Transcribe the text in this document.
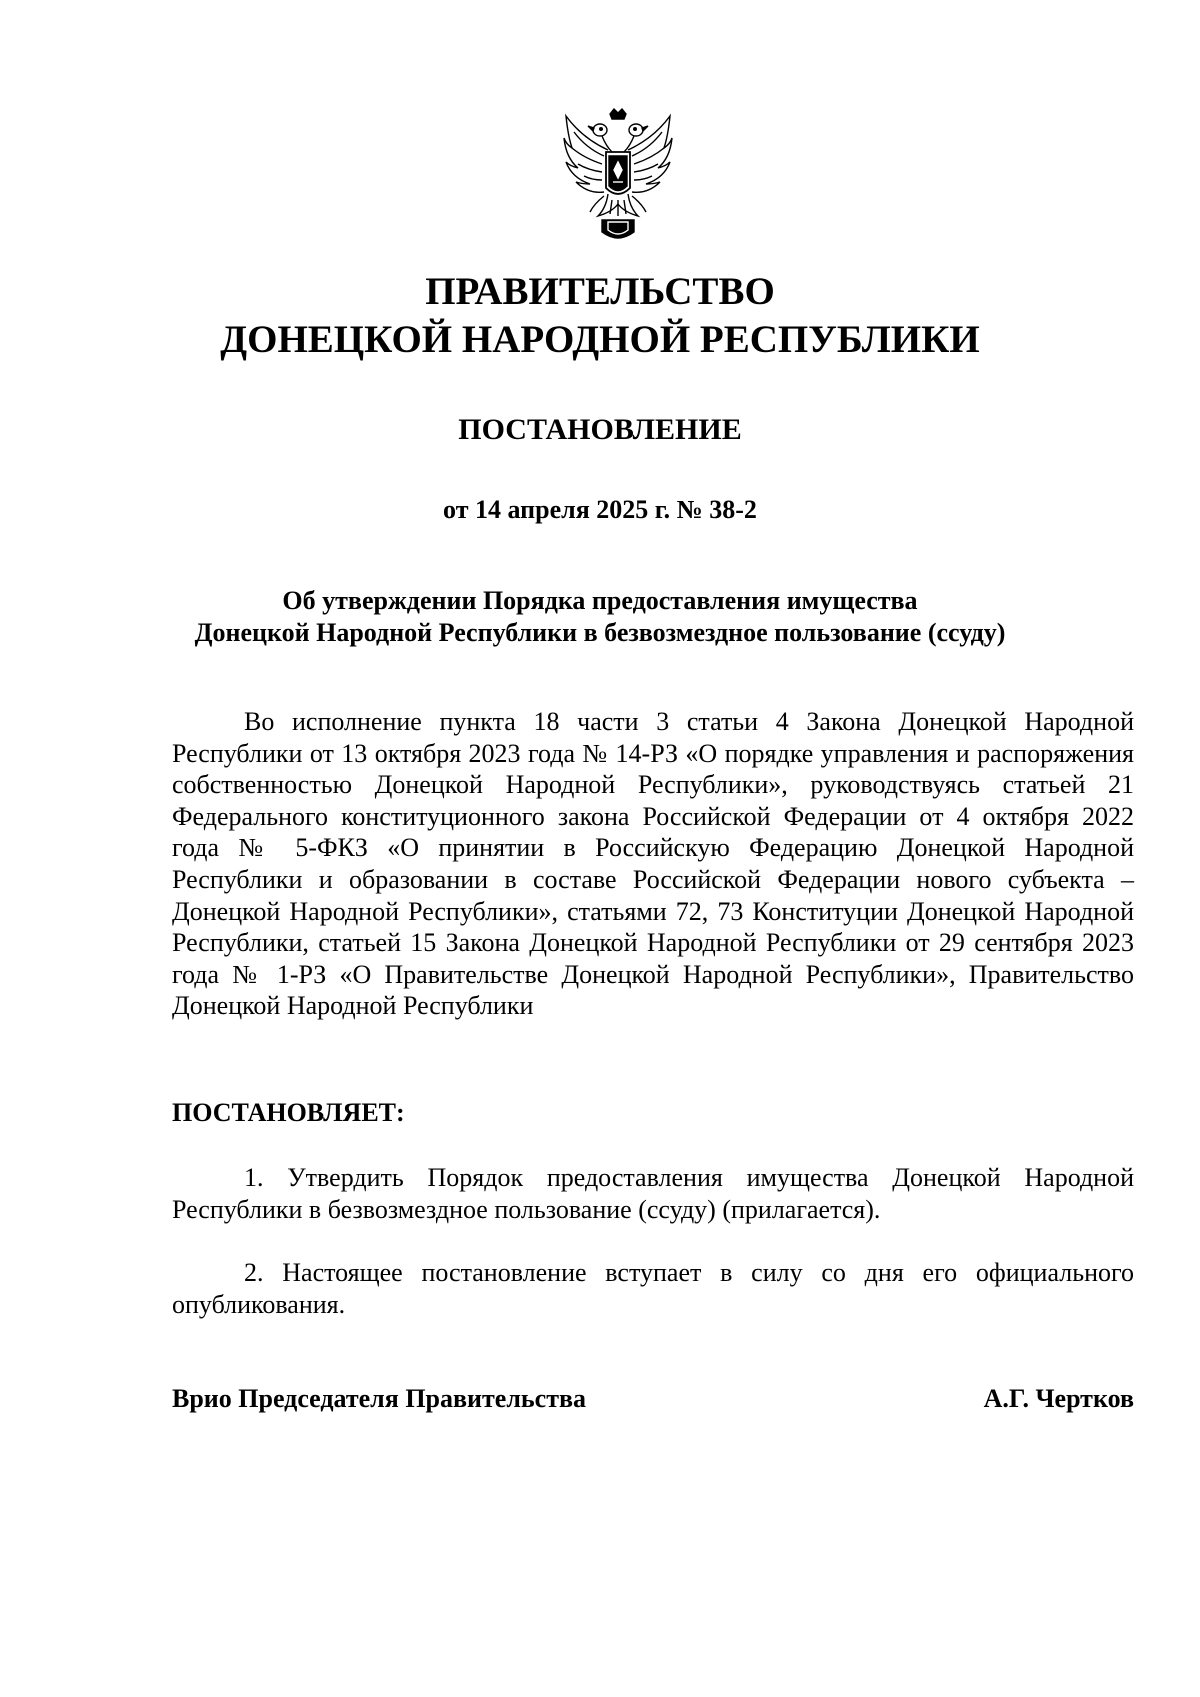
ПРАВИТЕЛЬСТВО

ДОНЕЦКОЙ НАРОДНОЙ РЕСПУБЛИКИ

ПОСТАНОВЛЕНИЕ

от 14 апреля 2025 г. № 38-2

Об утверждении Порядка предоставления имущества

Донецкой Народной Республики в безвозмездное пользование (ссуду)

Во исполнение пункта 18 части 3 статьи 4 Закона Донецкой Народной Республики от 13 октября 2023 года № 14-РЗ «О порядке управления и распоряжения собственностью Донецкой Народной Республики», руководствуясь статьей 21 Федерального конституционного закона Российской Федерации от 4 октября 2022 года № 5-ФКЗ «О принятии в Российскую Федерацию Донецкой Народной Республики и образовании в составе Российской Федерации нового субъекта – Донецкой Народной Республики», статьями 72, 73 Конституции Донецкой Народной Республики, статьей 15 Закона Донецкой Народной Республики от 29 сентября 2023 года № 1-РЗ «О Правительстве Донецкой Народной Республики», Правительство Донецкой Народной Республики

ПОСТАНОВЛЯЕТ:

1. Утвердить Порядок предоставления имущества Донецкой Народной Республики в безвозмездное пользование (ссуду) (прилагается).

2. Настоящее постановление вступает в силу со дня его официального опубликования.

Врио Председателя Правительства	А.Г. Чертков
